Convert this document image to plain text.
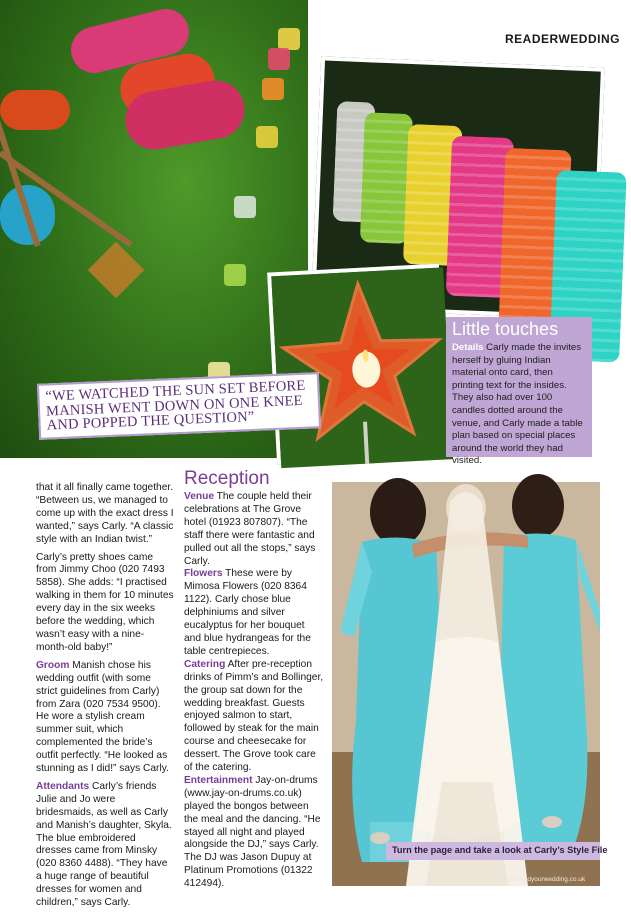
READERWEDDING
Little touches
Details Carly made the invites herself by gluing Indian material onto card, then printing text for the insides. They also had over 100 candles dotted around the venue, and Carly made a table plan based on special places around the world they had visited.
“WE WATCHED THE SUN SET BEFORE MANISH WENT DOWN ON ONE KNEE AND POPPED THE QUESTION”

that it all finally came together. “Between us, we managed to come up with the exact dress I wanted,” says Carly. “A classic style with an Indian twist.”

Carly’s pretty shoes came from Jimmy Choo (020 7493 5858). She adds: “I practised walking in them for 10 minutes every day in the six weeks before the wedding, which wasn’t easy with a nine-month-old baby!”

Groom Manish chose his wedding outfit (with some strict guidelines from Carly) from Zara (020 7534 9500). He wore a stylish cream summer suit, which complemented the bride’s outfit perfectly. “He looked as stunning as I did!” says Carly.

Attendants Carly’s friends Julie and Jo were bridesmaids, as well as Carly and Manish’s daughter, Skyla. The blue embroidered dresses came from Minsky (020 8360 4488). “They have a huge range of beautiful dresses for women and children,” says Carly.

Reception

Venue The couple held their celebrations at The Grove hotel (01923 807807). “The staff there were fantastic and pulled out all the stops,” says Carly.

Flowers These were by Mimosa Flowers (020 8364 1122). Carly chose blue delphiniums and silver eucalyptus for her bouquet and blue hydrangeas for the table centrepieces.

Catering After pre-reception drinks of Pimm’s and Bollinger, the group sat down for the wedding breakfast. Guests enjoyed salmon to start, followed by steak for the main course and cheesecake for dessert. The Grove took care of the catering.

Entertainment Jay-on-drums (www.jay-on-drums.co.uk) played the bongos between the meal and the dancing. “He stayed all night and played alongside the DJ,” says Carly. The DJ was Jason Dupuy at Platinum Promotions (01322 412494).

Turn the page and take a look at Carly’s Style File
www.yourandyourwedding.co.uk
